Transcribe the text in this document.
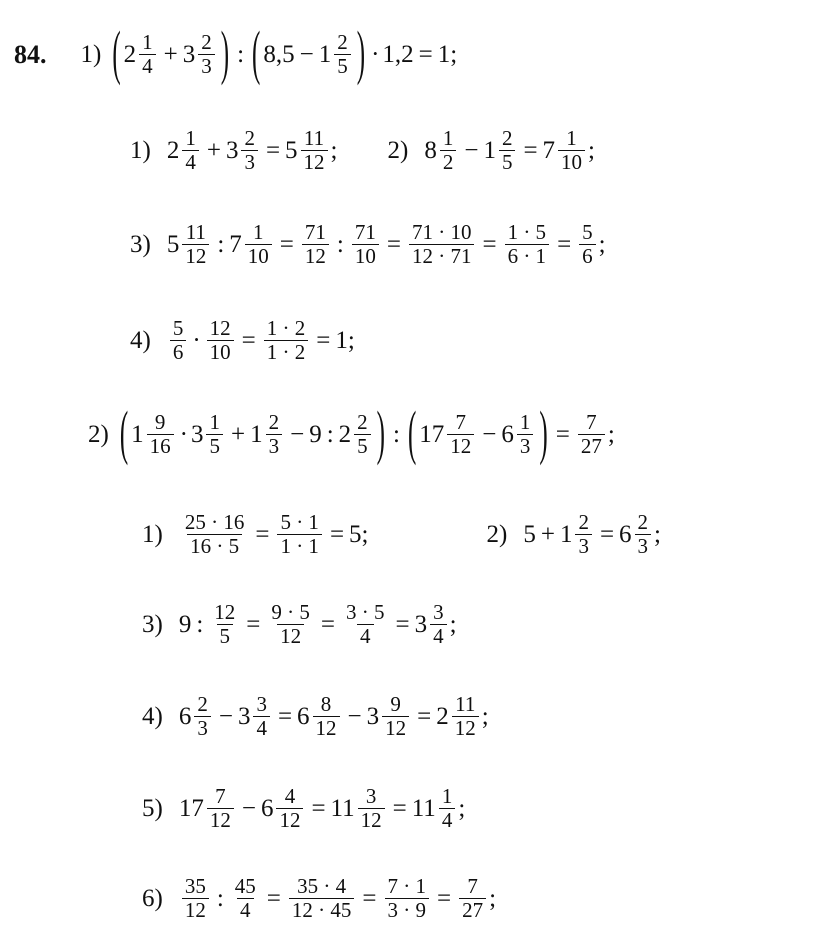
84. 1) ( $2 \frac{1}{4} + 3 \frac{2}{3}$ ) : ( $8,5 - 1 \frac{2}{5}$ ) · 1,2 = 1 ;
1) $2 \frac{1}{4} + 3 \frac{2}{3} = 5 \frac{11}{12}$ ; 2) $8 \frac{1}{2} - 1 \frac{2}{5} = 7 \frac{1}{10}$ ;
3) $5 \frac{11}{12}$ : $7 \frac{1}{10} = \frac{71}{12}$ : $\frac{71}{10} = \frac{71 \cdot 10}{12 \cdot 71} = \frac{1 \cdot 5}{6 \cdot 1} = \frac{5}{6}$ ;
$4) \frac{5}{6} \cdot \frac{12}{10} = \frac{1 \cdot 2}{1 \cdot 2} = 1$ ;
2) ( $1 \frac{9}{16} \cdot 3 \frac{1}{5} + 1 \frac{2}{3} - 9$ : $2 \frac{2}{5}$ ) : ( $17 \frac{7}{12} - 6 \frac{1}{3}$ ) = $\frac{7}{27}$ ;
$1) \frac{25 \cdot 16}{16 \cdot 5} = \frac{5 \cdot 1}{1 \cdot 1} = 5$ ;	2) $5 + 1 \frac{2}{3} = 6 \frac{2}{3}$ ;
3) 9 : $\frac{12}{5} = \frac{9 \cdot 5}{12} = \frac{3 \cdot 5}{4} = 3 \frac{3}{4}$ ;
4) $6 \frac{2}{3} - 3 \frac{3}{4} = 6 \frac{8}{12} - 3 \frac{9}{12} = 2 \frac{11}{12}$ ;
5) $17 \frac{7}{12} - 6 \frac{4}{12} = 11 \frac{3}{12} = 11 \frac{1}{4}$ ;
$6) \frac{35}{12}$ : $\frac{45}{4} = \frac{35 \cdot 4}{12 \cdot 45} = \frac{7 \cdot 1}{3 \cdot 9} = \frac{7}{27}$ ;
